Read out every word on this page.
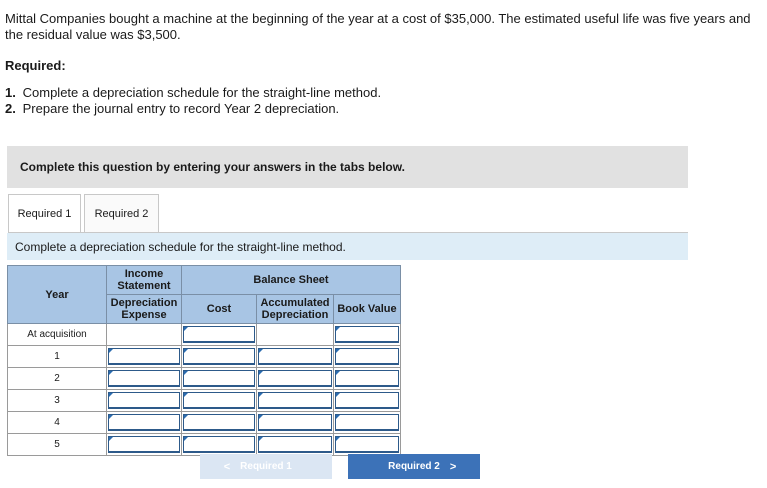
Mittal Companies bought a machine at the beginning of the year at a cost of $35,000. The estimated useful life was five years and the residual value was $3,500.
Required:
1. Complete a depreciation schedule for the straight-line method.
2. Prepare the journal entry to record Year 2 depreciation.
Complete this question by entering your answers in the tabs below.
Required 1	Required 2
Complete a depreciation schedule for the straight-line method.
Year	Income Statement	Balance Sheet		
	Depreciation Expense	Cost	Accumulated Depreciation	Book Value
At acquisition		

1	

2	

3	

4	

5	

< Required 1	Required 2 >
